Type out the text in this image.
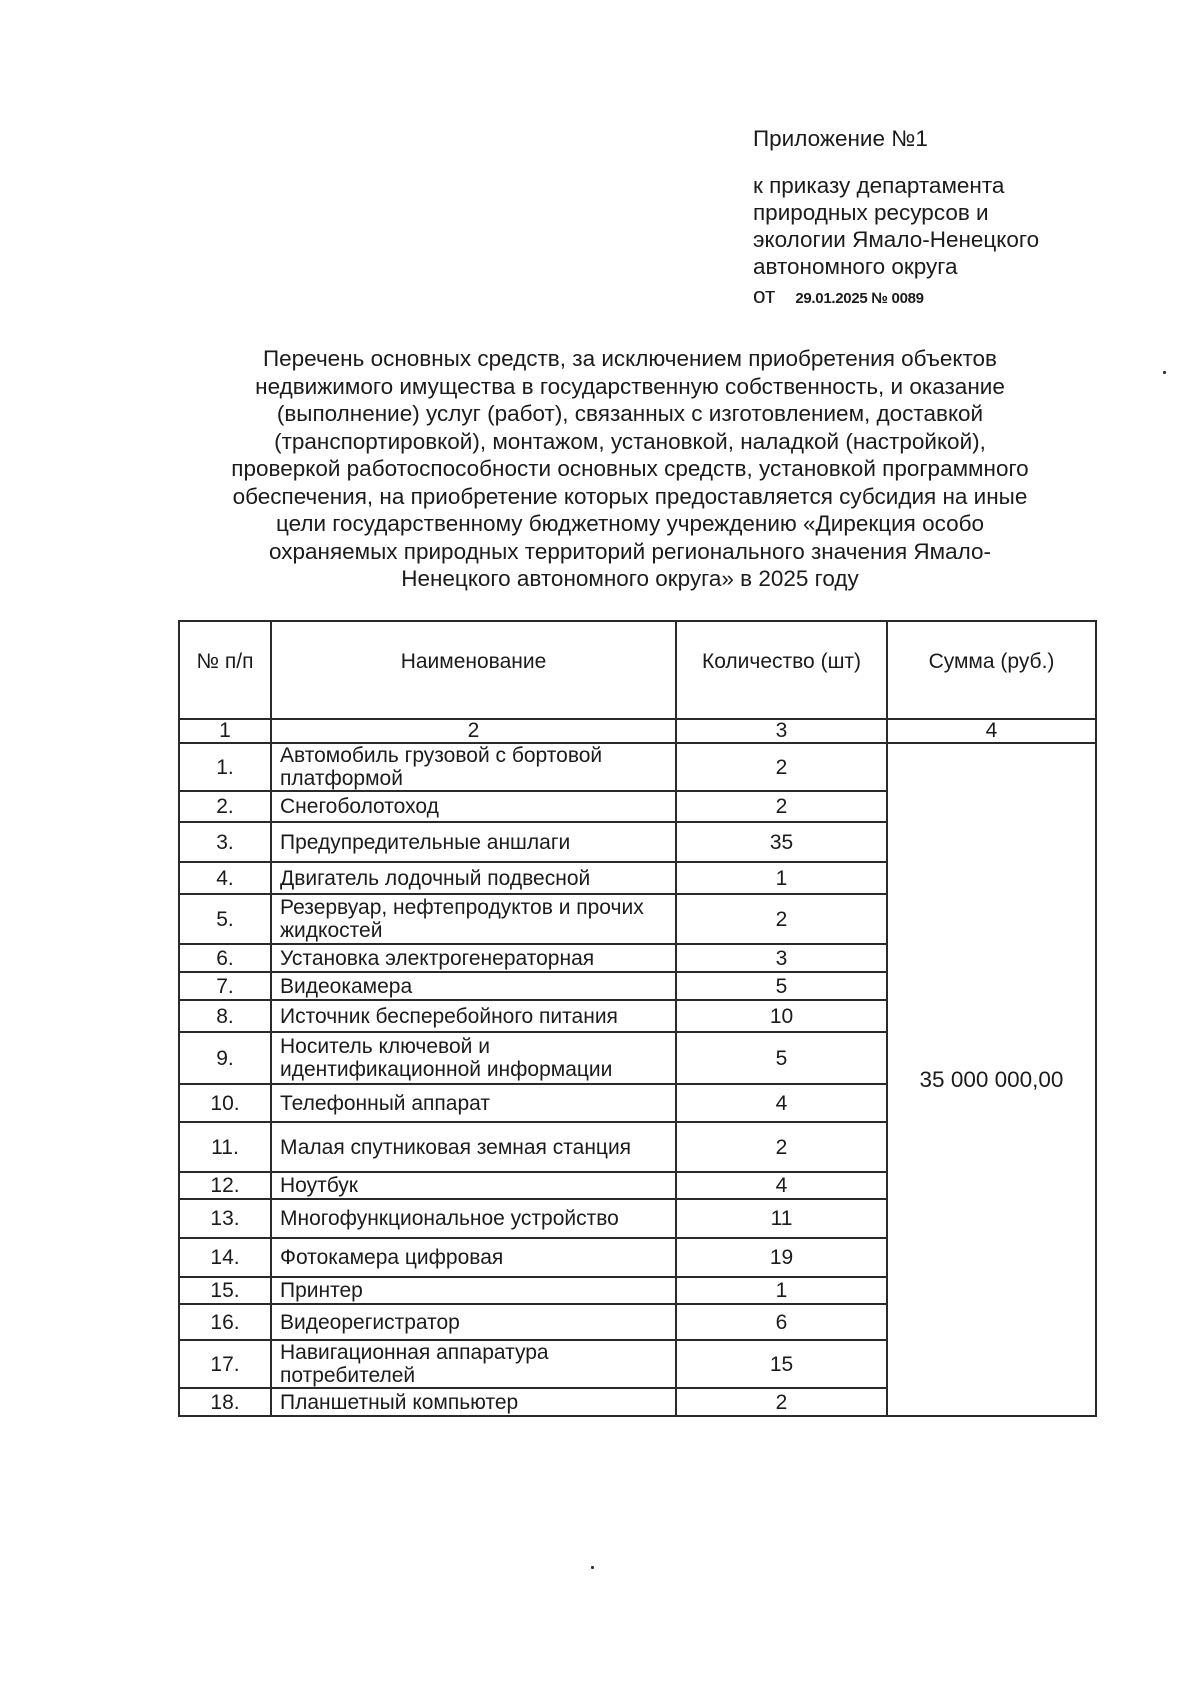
Приложение №1
к приказу департамента
природных ресурсов и
экологии Ямало-Ненецкого
автономного округа
от 29.01.2025 № 0089
Перечень основных средств, за исключением приобретения объектов
недвижимого имущества в государственную собственность, и оказание
(выполнение) услуг (работ), связанных с изготовлением, доставкой
(транспортировкой), монтажом, установкой, наладкой (настройкой),
проверкой работоспособности основных средств, установкой программного
обеспечения, на приобретение которых предоставляется субсидия на иные
цели государственному бюджетному учреждению «Дирекция особо
охраняемых природных территорий регионального значения Ямало-
Ненецкого автономного округа» в 2025 году
№ п/п	Наименование	Количество (шт)	Сумма (руб.)
1	2	3	4
1.	Автомобиль грузовой с бортовой платформой	2	35 000 000,00
2.	Снегоболотоход	2	
3.	Предупредительные аншлаги	35	
4.	Двигатель лодочный подвесной	1	
5.	Резервуар, нефтепродуктов и прочих жидкостей	2	
6.	Установка электрогенераторная	3	
7.	Видеокамера	5	
8.	Источник бесперебойного питания	10	
9.	Носитель ключевой и идентификационной информации	5	
10.	Телефонный аппарат	4	
11.	Малая спутниковая земная станция	2	
12.	Ноутбук	4	
13.	Многофункциональное устройство	11	
14.	Фотокамера цифровая	19	
15.	Принтер	1	
16.	Видеорегистратор	6	
17.	Навигационная аппаратура потребителей	15	
18.	Планшетный компьютер	2	
